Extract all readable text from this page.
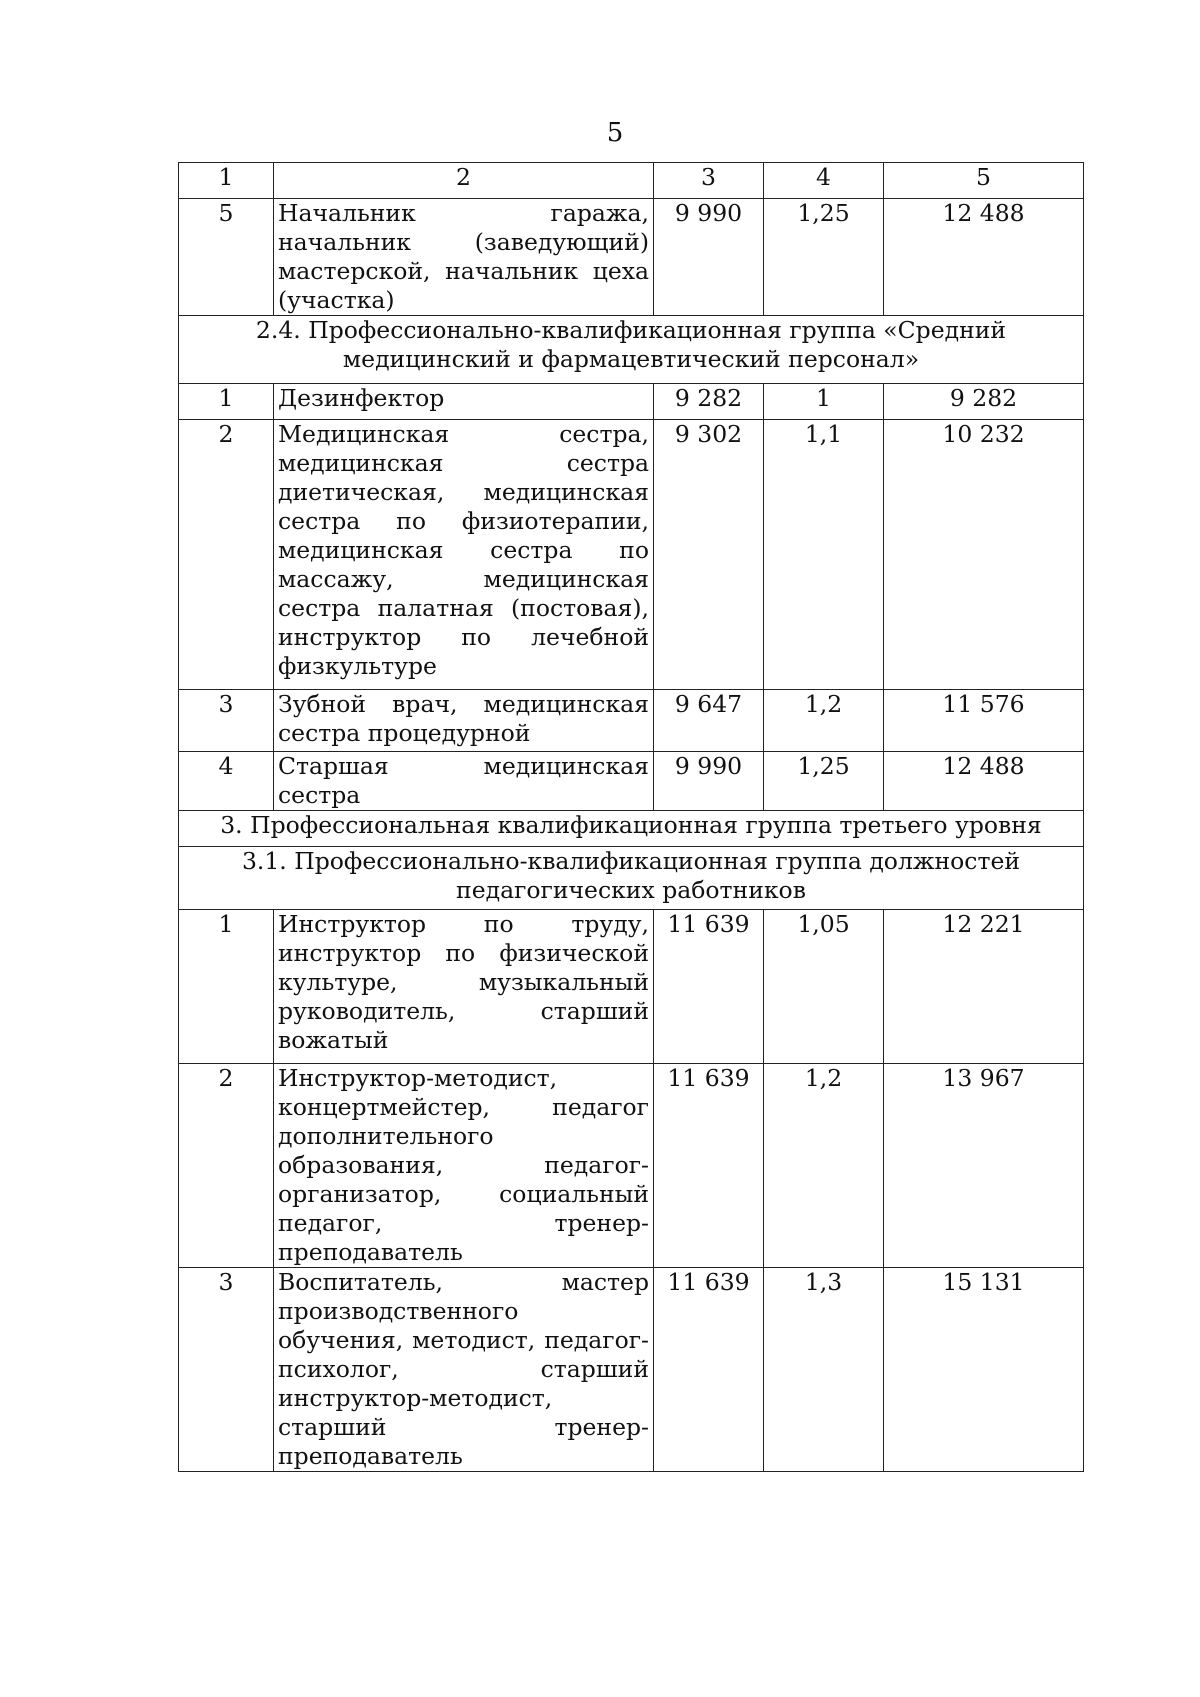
5
1	2	3	4	5
5	Начальник гаража, начальник (заведующий) мастерской, начальник цеха (участка)	9 990	1,25	12 488
2.4. Профессионально-квалификационная группа «Средний медицинский и фармацевтический персонал»				
1	Дезинфектор	9 282	1	9 282
2	Медицинская сестра, медицинская сестра диетическая, медицинская сестра по физиотерапии, медицинская сестра по массажу, медицинская сестра палатная (постовая), инструктор по лечебной физкультуре	9 302	1,1	10 232
3	Зубной врач, медицинская сестра процедурной	9 647	1,2	11 576
4	Старшая медицинская сестра	9 990	1,25	12 488
3. Профессиональная квалификационная группа третьего уровня				
3.1. Профессионально-квалификационная группа должностей педагогических работников				
1	Инструктор по труду, инструктор по физической культуре, музыкальный руководитель, старший вожатый	11 639	1,05	12 221
2	Инструктор-методист, концертмейстер, педагог дополнительного образования, педагог-организатор, социальный педагог, тренер-преподаватель	11 639	1,2	13 967
3	Воспитатель, мастер производственного обучения, методист, педагог-психолог, старший инструктор-методист, старший тренер-преподаватель	11 639	1,3	15 131
